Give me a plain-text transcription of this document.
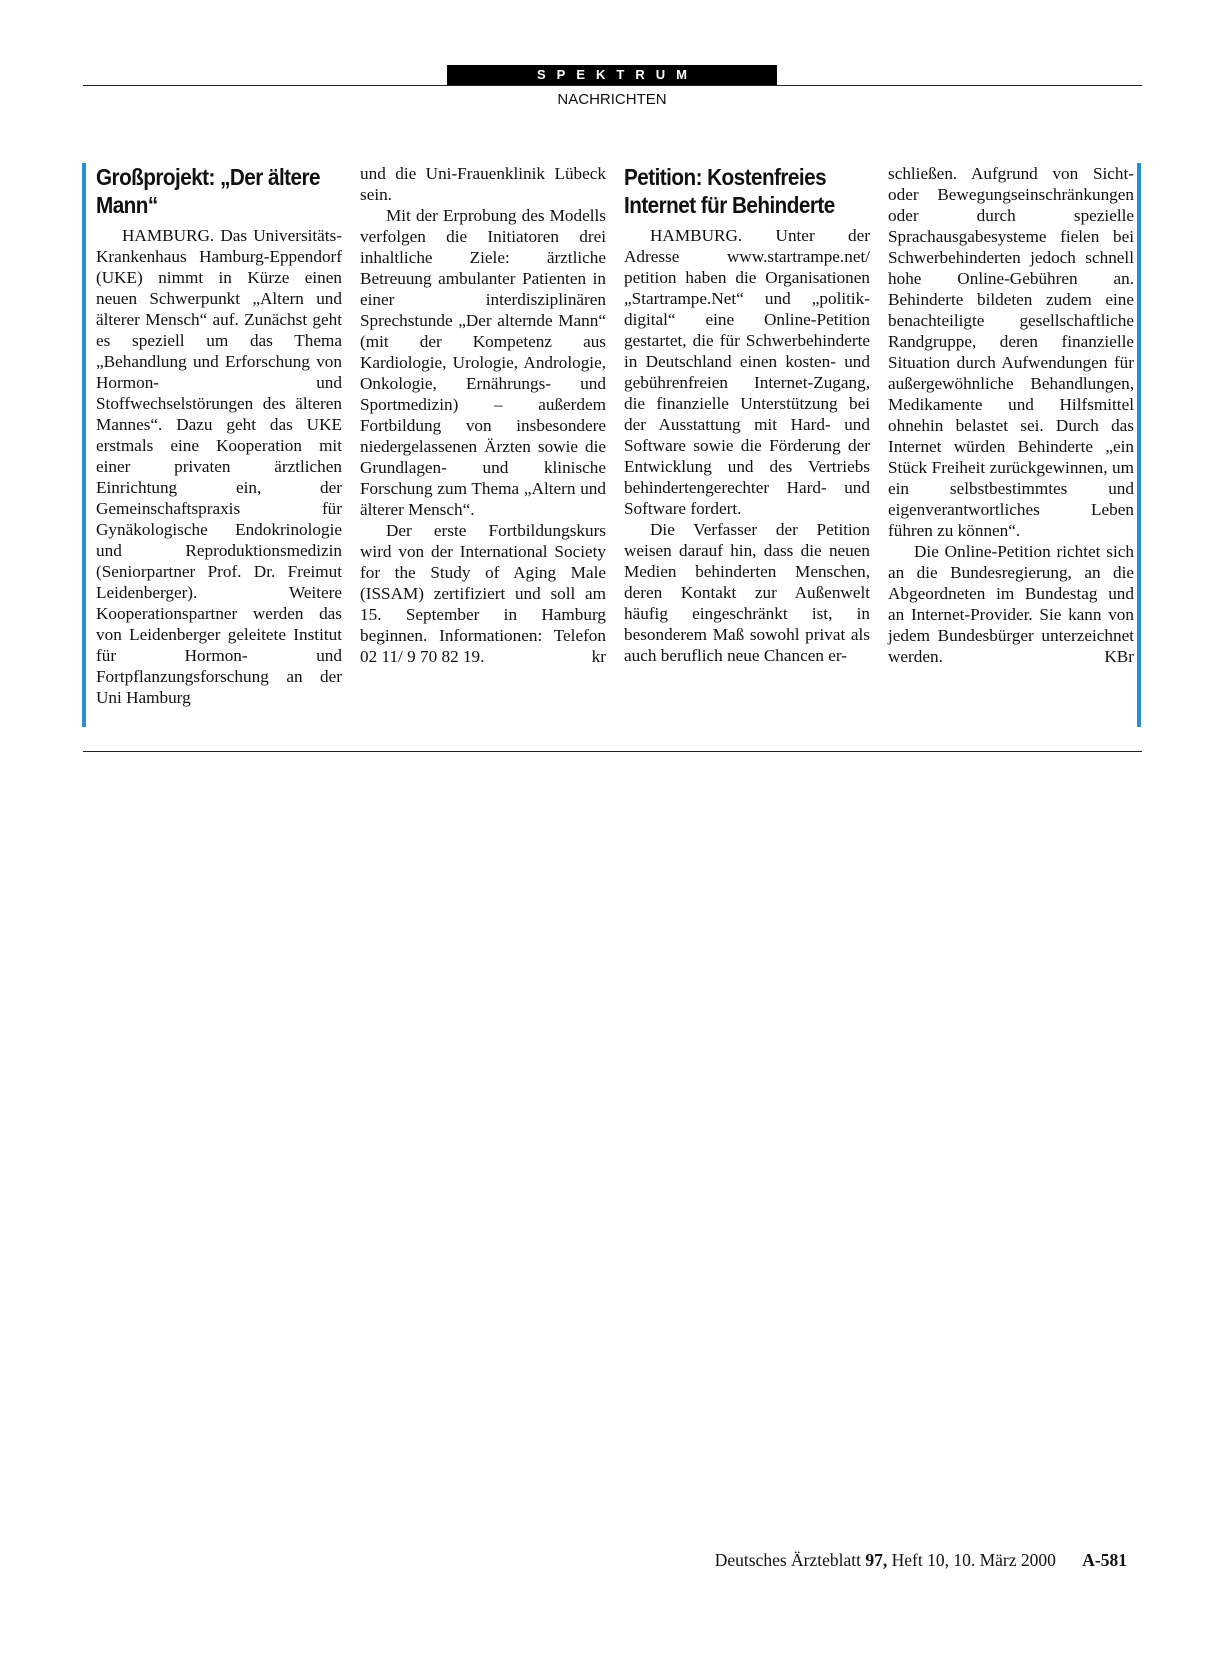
SPEKTRUM
NACHRICHTEN
Großprojekt: „Der ältere Mann“

HAMBURG. Das Universitäts-Krankenhaus Hamburg-Eppendorf (UKE) nimmt in Kürze einen neuen Schwerpunkt „Altern und älterer Mensch“ auf. Zunächst geht es speziell um das Thema „Behandlung und Erforschung von Hormon- und Stoffwechselstörungen des älteren Mannes“. Dazu geht das UKE erstmals eine Kooperation mit einer privaten ärztlichen Einrichtung ein, der Gemeinschaftspraxis für Gynäkologische Endokrinologie und Reproduktionsmedizin (Seniorpartner Prof. Dr. Freimut Leidenberger). Weitere Kooperationspartner werden das von Leidenberger geleitete Institut für Hormon- und Fortpflanzungsforschung an der Uni Hamburg

und die Uni-Frauenklinik Lübeck sein.

Mit der Erprobung des Modells verfolgen die Initiatoren drei inhaltliche Ziele: ärztliche Betreuung ambulanter Patienten in einer interdisziplinären Sprechstunde „Der alternde Mann“ (mit der Kompetenz aus Kardiologie, Urologie, Andrologie, Onkologie, Ernährungs- und Sportmedizin) – außerdem Fortbildung von insbesondere niedergelassenen Ärzten sowie die Grundlagen- und klinische Forschung zum Thema „Altern und älterer Mensch“.

Der erste Fortbildungskurs wird von der International Society for the Study of Aging Male (ISSAM) zertifiziert und soll am 15. September in Hamburg beginnen. Informationen: Telefon 02 11/ 9 70 82 19.	kr

Petition: Kostenfreies Internet für Behinderte

HAMBURG. Unter der Adresse www.startrampe.net/ petition haben die Organisationen „Startrampe.Net“ und „politik-digital“ eine Online-Petition gestartet, die für Schwerbehinderte in Deutschland einen kosten- und gebührenfreien Internet-Zugang, die finanzielle Unterstützung bei der Ausstattung mit Hard- und Software sowie die Förderung der Entwicklung und des Vertriebs behindertengerechter Hard- und Software fordert.

Die Verfasser der Petition weisen darauf hin, dass die neuen Medien behinderten Menschen, deren Kontakt zur Außenwelt häufig eingeschränkt ist, in besonderem Maß sowohl privat als auch beruflich neue Chancen er-

schließen. Aufgrund von Sicht- oder Bewegungseinschränkungen oder durch spezielle Sprachausgabesysteme fielen bei Schwerbehinderten jedoch schnell hohe Online-Gebühren an. Behinderte bildeten zudem eine benachteiligte gesellschaftliche Randgruppe, deren finanzielle Situation durch Aufwendungen für außergewöhnliche Behandlungen, Medikamente und Hilfsmittel ohnehin belastet sei. Durch das Internet würden Behinderte „ein Stück Freiheit zurückgewinnen, um ein selbstbestimmtes und eigenverantwortliches Leben führen zu können“.

Die Online-Petition richtet sich an die Bundesregierung, an die Abgeordneten im Bundestag und an Internet-Provider. Sie kann von jedem Bundesbürger unterzeichnet werden.	KBr

Deutsches Ärzteblatt 97, Heft 10, 10. März 2000 A-581
